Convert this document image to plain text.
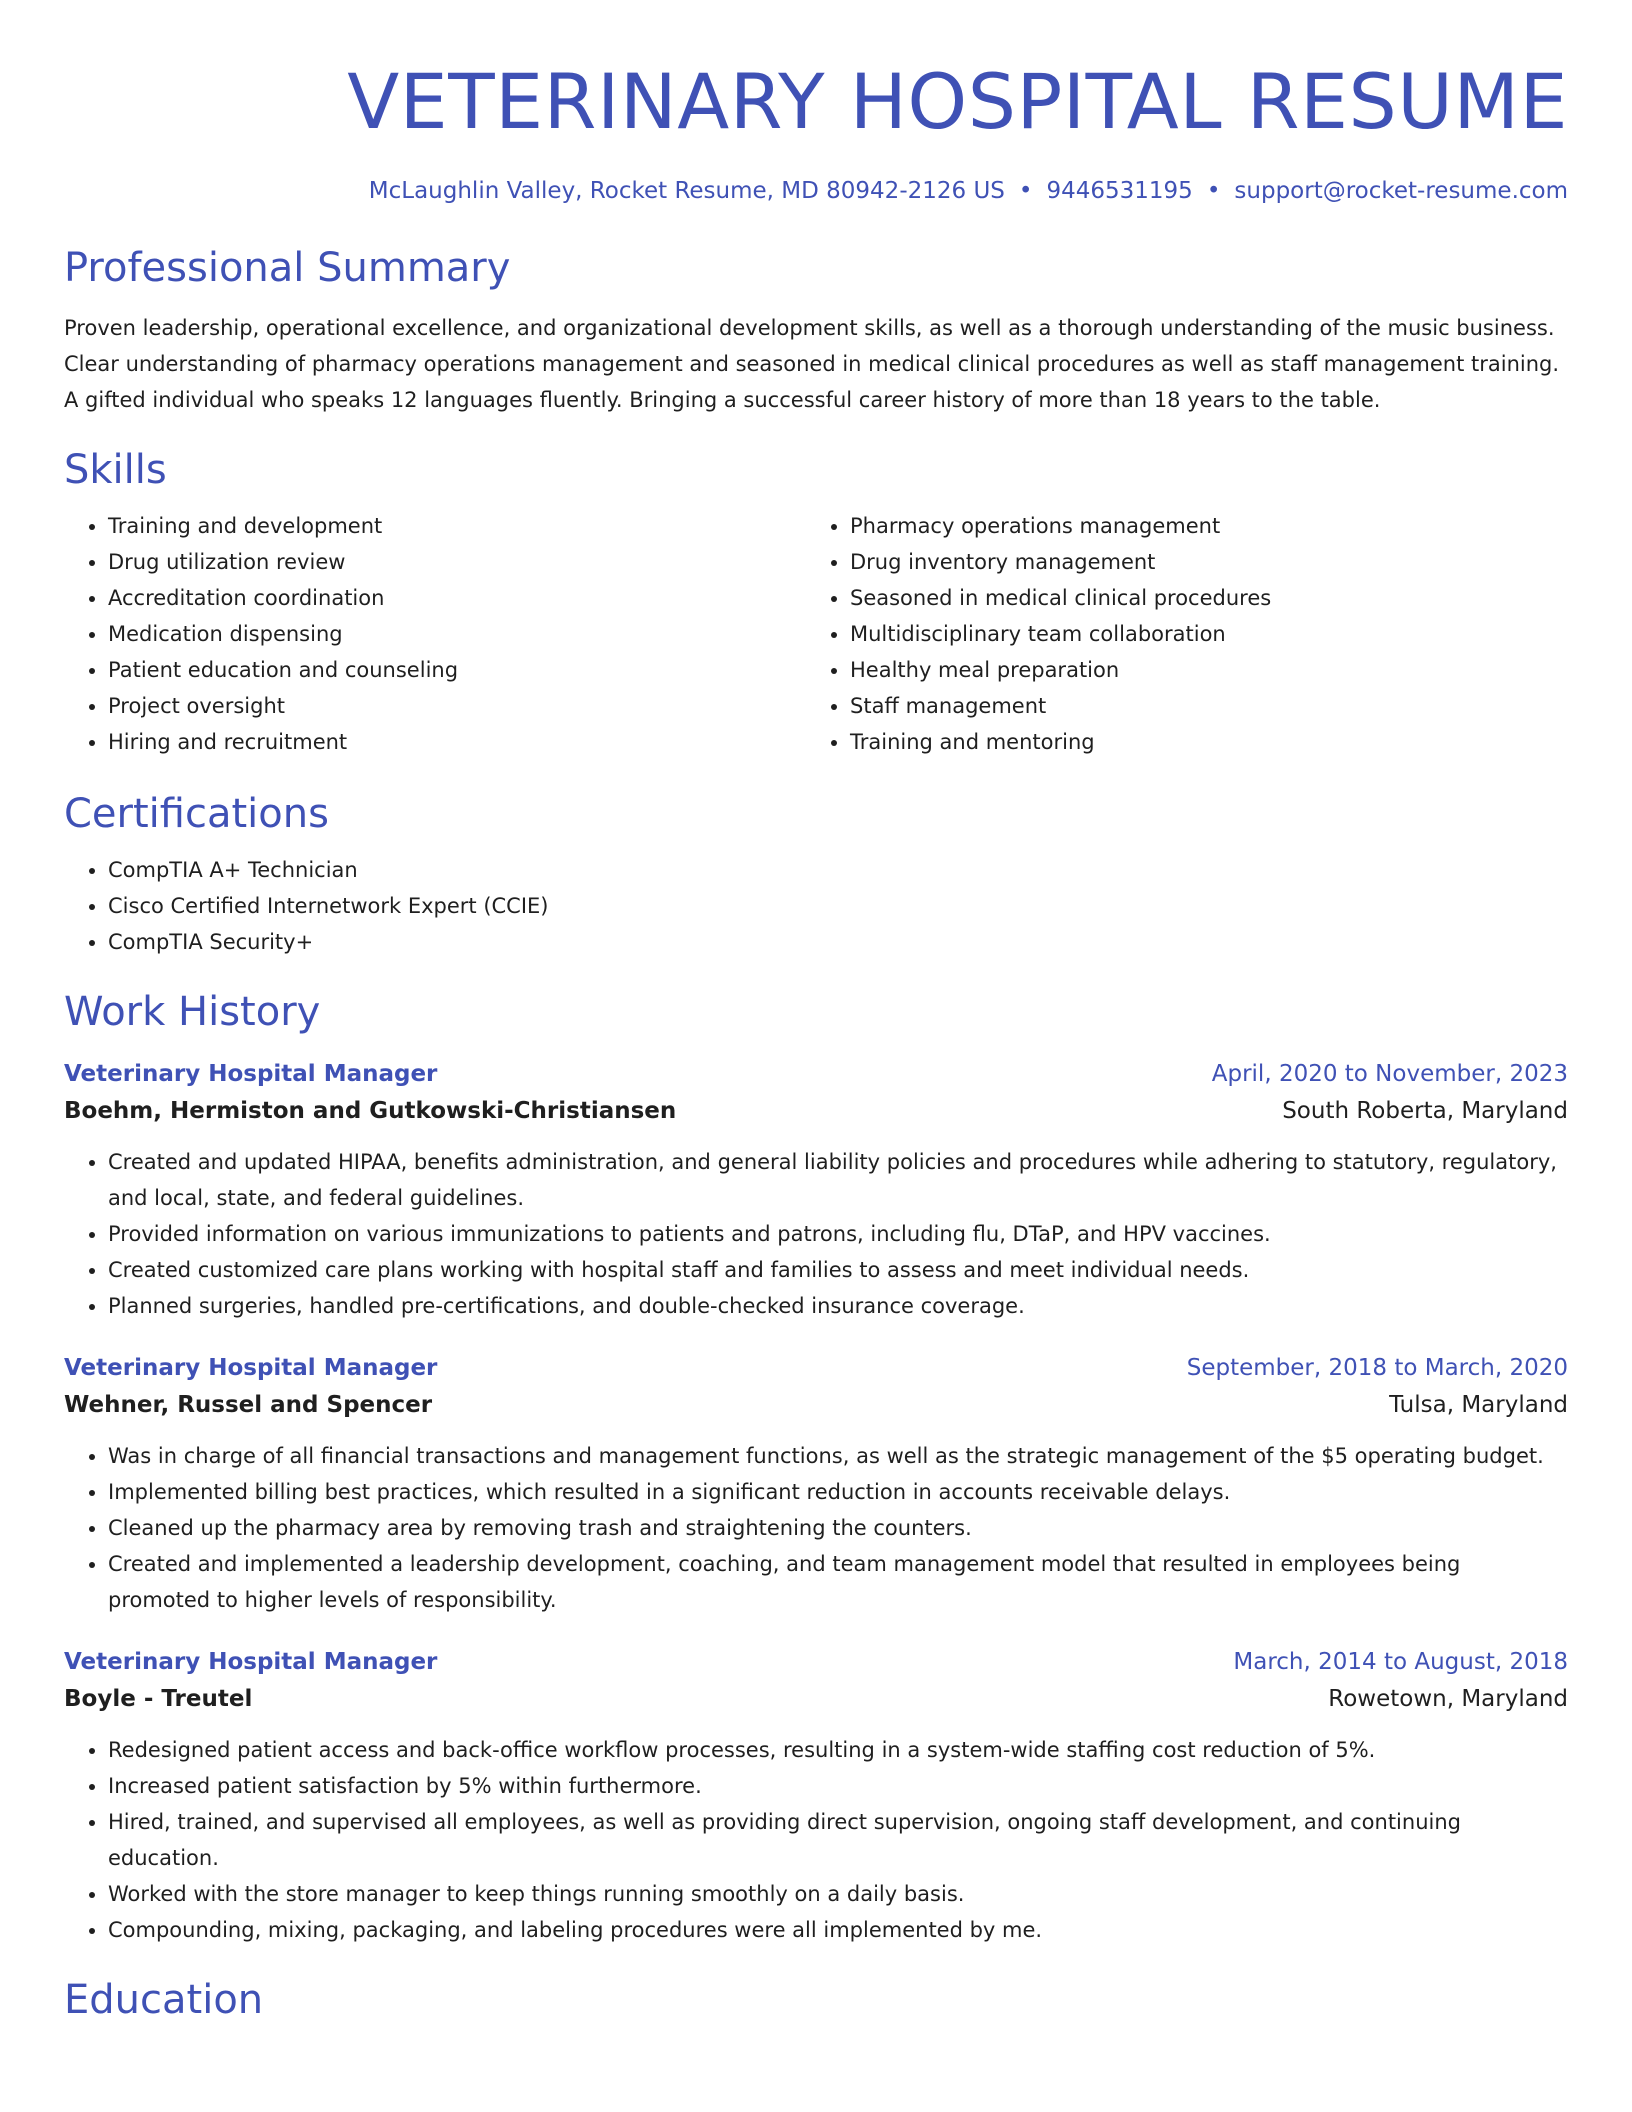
VETERINARY HOSPITAL RESUME
McLaughlin Valley, Rocket Resume, MD 80942-2126 US • 9446531195 • support@rocket-resume.com
Professional Summary

Proven leadership, operational excellence, and organizational development skills, as well as a thorough understanding of the music business. Clear understanding of pharmacy operations management and seasoned in medical clinical procedures as well as staff management training. A gifted individual who speaks 12 languages fluently. Bringing a successful career history of more than 18 years to the table.

Skills
• Training and development
• Drug utilization review
• Accreditation coordination
• Medication dispensing
• Patient education and counseling
• Project oversight
• Hiring and recruitment
• Pharmacy operations management
• Drug inventory management
• Seasoned in medical clinical procedures
• Multidisciplinary team collaboration
• Healthy meal preparation
• Staff management
• Training and mentoring
Certifications
• CompTIA A+ Technician
• Cisco Certified Internetwork Expert (CCIE)
• CompTIA Security+
Work History
Veterinary Hospital Manager	April, 2020 to November, 2023
Boehm, Hermiston and Gutkowski-Christiansen	South Roberta, Maryland
• Created and updated HIPAA, benefits administration, and general liability policies and procedures while adhering to statutory, regulatory, and local, state, and federal guidelines.
• Provided information on various immunizations to patients and patrons, including flu, DTaP, and HPV vaccines.
• Created customized care plans working with hospital staff and families to assess and meet individual needs.
• Planned surgeries, handled pre-certifications, and double-checked insurance coverage.
Veterinary Hospital Manager	September, 2018 to March, 2020
Wehner, Russel and Spencer	Tulsa, Maryland
• Was in charge of all financial transactions and management functions, as well as the strategic management of the $5 operating budget.
• Implemented billing best practices, which resulted in a significant reduction in accounts receivable delays.
• Cleaned up the pharmacy area by removing trash and straightening the counters.
• Created and implemented a leadership development, coaching, and team management model that resulted in employees being promoted to higher levels of responsibility.
Veterinary Hospital Manager	March, 2014 to August, 2018
Boyle - Treutel	Rowetown, Maryland
• Redesigned patient access and back-office workflow processes, resulting in a system-wide staffing cost reduction of 5%.
• Increased patient satisfaction by 5% within furthermore.
• Hired, trained, and supervised all employees, as well as providing direct supervision, ongoing staff development, and continuing education.
• Worked with the store manager to keep things running smoothly on a daily basis.
• Compounding, mixing, packaging, and labeling procedures were all implemented by me.
Education
